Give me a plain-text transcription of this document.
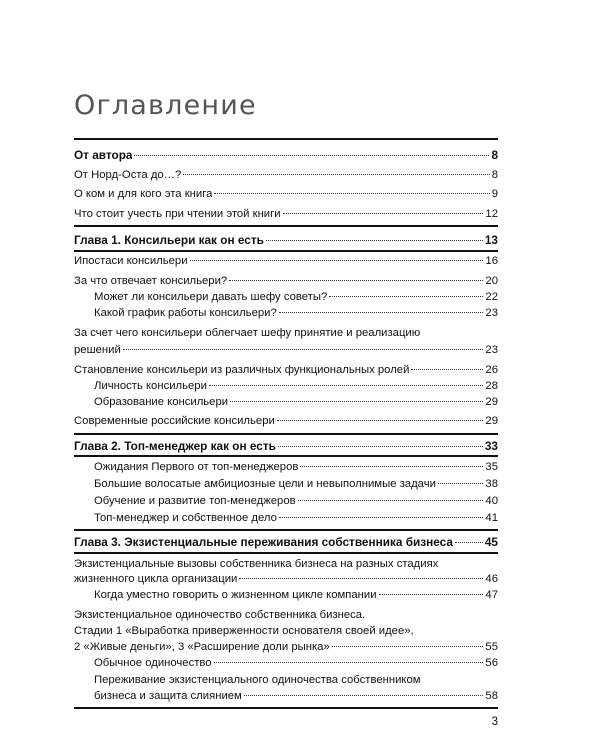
Оглавление
От автора	8
От Норд-Оста до…?	8
О ком и для кого эта книга	9
Что стоит учесть при чтении этой книги	12
Глава 1. Консильери как он есть	13
Ипостаси консильери	16
За что отвечает консильери?	20
Может ли консильери давать шефу советы?	22
Какой график работы консильери?	23
За счет чего консильери облегчает шефу принятие и реализацию
решений	23
Становление консильери из различных функциональных ролей	26
Личность консильери	28
Образование консильери	29
Современные российские консильери	29
Глава 2. Топ-менеджер как он есть	33
Ожидания Первого от топ-менеджеров	35
Большие волосатые амбициозные цели и невыполнимые задачи	38
Обучение и развитие топ-менеджеров	40
Топ-менеджер и собственное дело	41
Глава 3. Экзистенциальные переживания собственника бизнеса	45
Экзистенциальные вызовы собственника бизнеса на разных стадиях
жизненного цикла организации	46
Когда уместно говорить о жизненном цикле компании	47
Экзистенциальное одиночество собственника бизнеса.
Стадии 1 «Выработка приверженности основателя своей идее»,
2 «Живые деньги», 3 «Расширение доли рынка»	55
Обычное одиночество	56
Переживание экзистенциального одиночества собственником
бизнеса и защита слиянием	58
3
